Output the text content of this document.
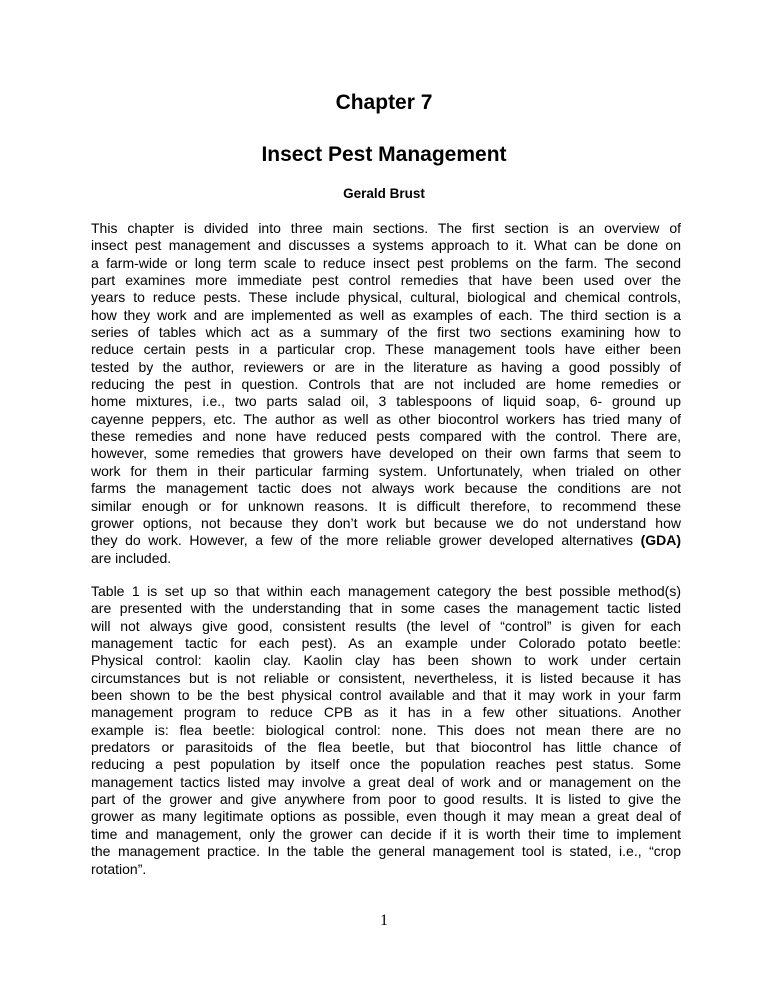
Chapter 7
Insect Pest Management
Gerald Brust
This chapter is divided into three main sections. The first section is an overview of
insect pest management and discusses a systems approach to it. What can be done on
a farm-wide or long term scale to reduce insect pest problems on the farm. The second
part examines more immediate pest control remedies that have been used over the
years to reduce pests. These include physical, cultural, biological and chemical controls,
how they work and are implemented as well as examples of each. The third section is a
series of tables which act as a summary of the first two sections examining how to
reduce certain pests in a particular crop. These management tools have either been
tested by the author, reviewers or are in the literature as having a good possibly of
reducing the pest in question. Controls that are not included are home remedies or
home mixtures, i.e., two parts salad oil, 3 tablespoons of liquid soap, 6- ground up
cayenne peppers, etc. The author as well as other biocontrol workers has tried many of
these remedies and none have reduced pests compared with the control. There are,
however, some remedies that growers have developed on their own farms that seem to
work for them in their particular farming system. Unfortunately, when trialed on other
farms the management tactic does not always work because the conditions are not
similar enough or for unknown reasons. It is difficult therefore, to recommend these
grower options, not because they don’t work but because we do not understand how
they do work. However, a few of the more reliable grower developed alternatives (GDA)
are included.
Table 1 is set up so that within each management category the best possible method(s)
are presented with the understanding that in some cases the management tactic listed
will not always give good, consistent results (the level of “control” is given for each
management tactic for each pest). As an example under Colorado potato beetle:
Physical control: kaolin clay. Kaolin clay has been shown to work under certain
circumstances but is not reliable or consistent, nevertheless, it is listed because it has
been shown to be the best physical control available and that it may work in your farm
management program to reduce CPB as it has in a few other situations. Another
example is: flea beetle: biological control: none. This does not mean there are no
predators or parasitoids of the flea beetle, but that biocontrol has little chance of
reducing a pest population by itself once the population reaches pest status. Some
management tactics listed may involve a great deal of work and or management on the
part of the grower and give anywhere from poor to good results. It is listed to give the
grower as many legitimate options as possible, even though it may mean a great deal of
time and management, only the grower can decide if it is worth their time to implement
the management practice. In the table the general management tool is stated, i.e., “crop
rotation”.
1
